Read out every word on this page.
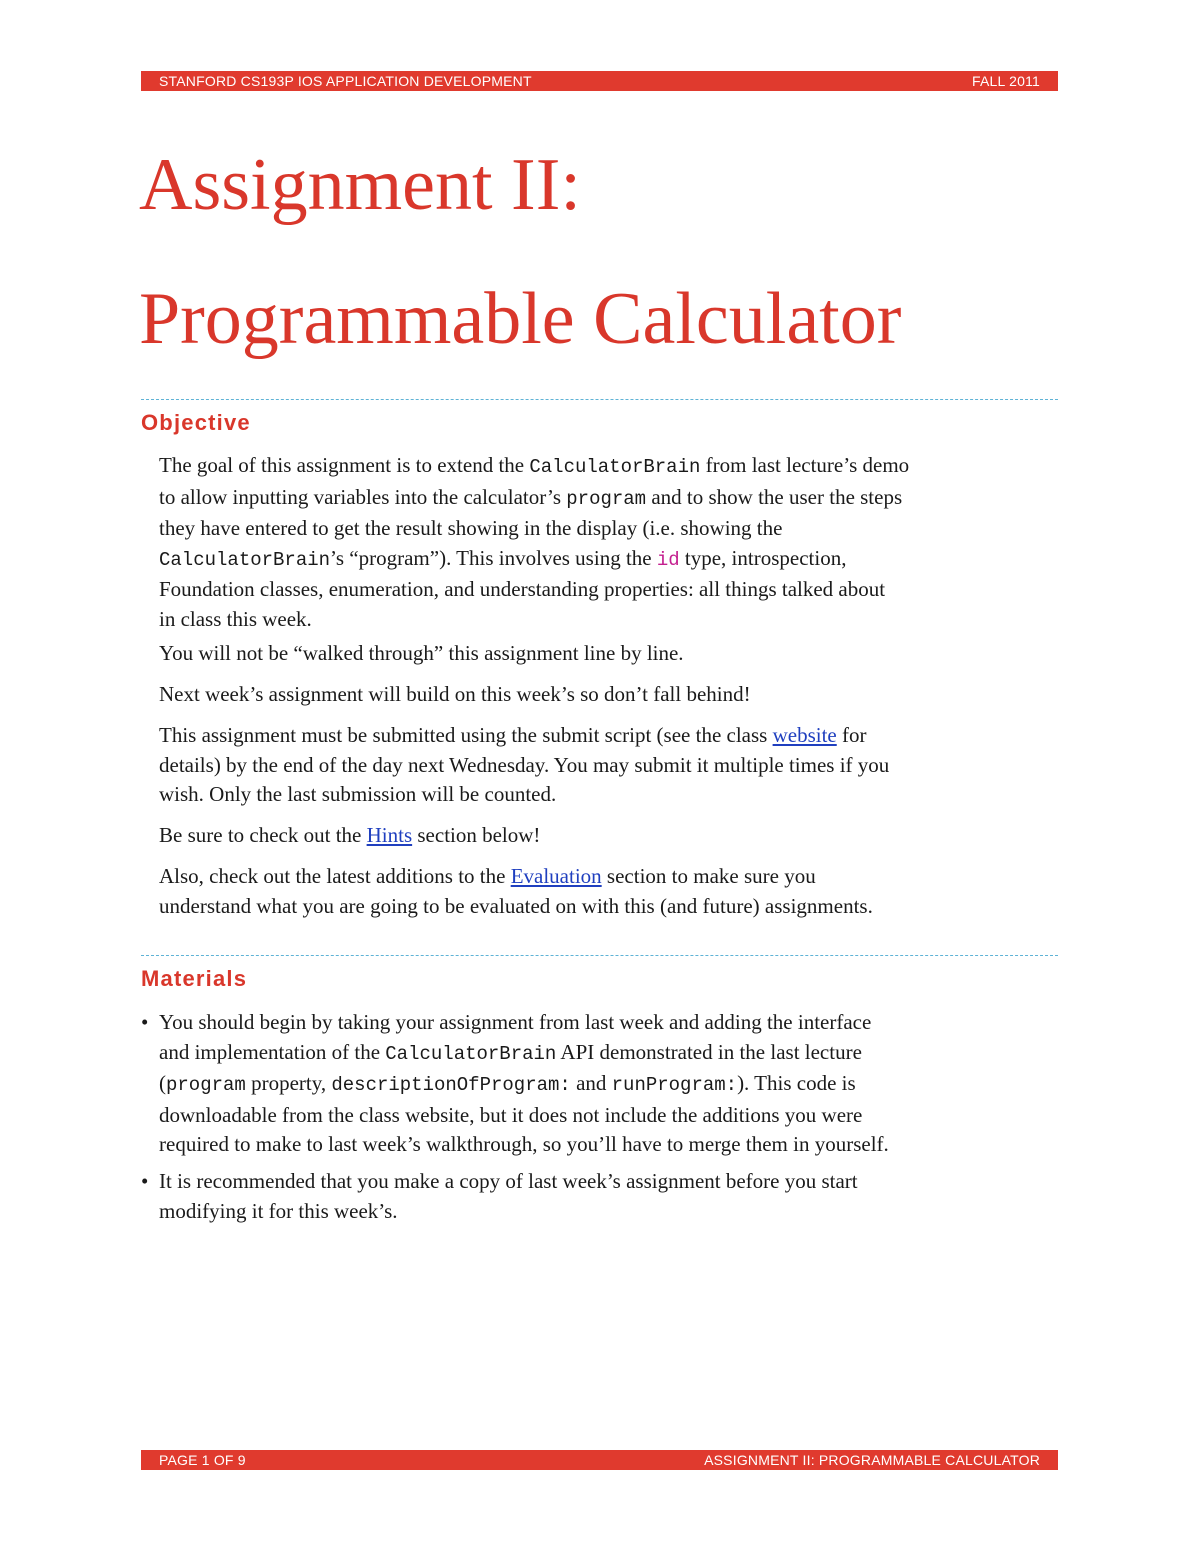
STANFORD CS193P IOS APPLICATION DEVELOPMENT	FALL 2011
Assignment II:
Programmable Calculator
Objective

The goal of this assignment is to extend the CalculatorBrain from last lecture’s demo
to allow inputting variables into the calculator’s program and to show the user the steps
they have entered to get the result showing in the display (i.e. showing the
CalculatorBrain’s “program”). This involves using the id type, introspection,
Foundation classes, enumeration, and understanding properties: all things talked about
in class this week.

You will not be “walked through” this assignment line by line.

Next week’s assignment will build on this week’s so don’t fall behind!

This assignment must be submitted using the submit script (see the class website for
details) by the end of the day next Wednesday. You may submit it multiple times if you
wish. Only the last submission will be counted.

Be sure to check out the Hints section below!

Also, check out the latest additions to the Evaluation section to make sure you
understand what you are going to be evaluated on with this (and future) assignments.

Materials
• You should begin by taking your assignment from last week and adding the interface
and implementation of the CalculatorBrain API demonstrated in the last lecture
(program property, descriptionOfProgram: and runProgram:). This code is
downloadable from the class website, but it does not include the additions you were
required to make to last week’s walkthrough, so you’ll have to merge them in yourself.

• It is recommended that you make a copy of last week’s assignment before you start
modifying it for this week’s.

PAGE 1 OF 9	ASSIGNMENT II: PROGRAMMABLE CALCULATOR
